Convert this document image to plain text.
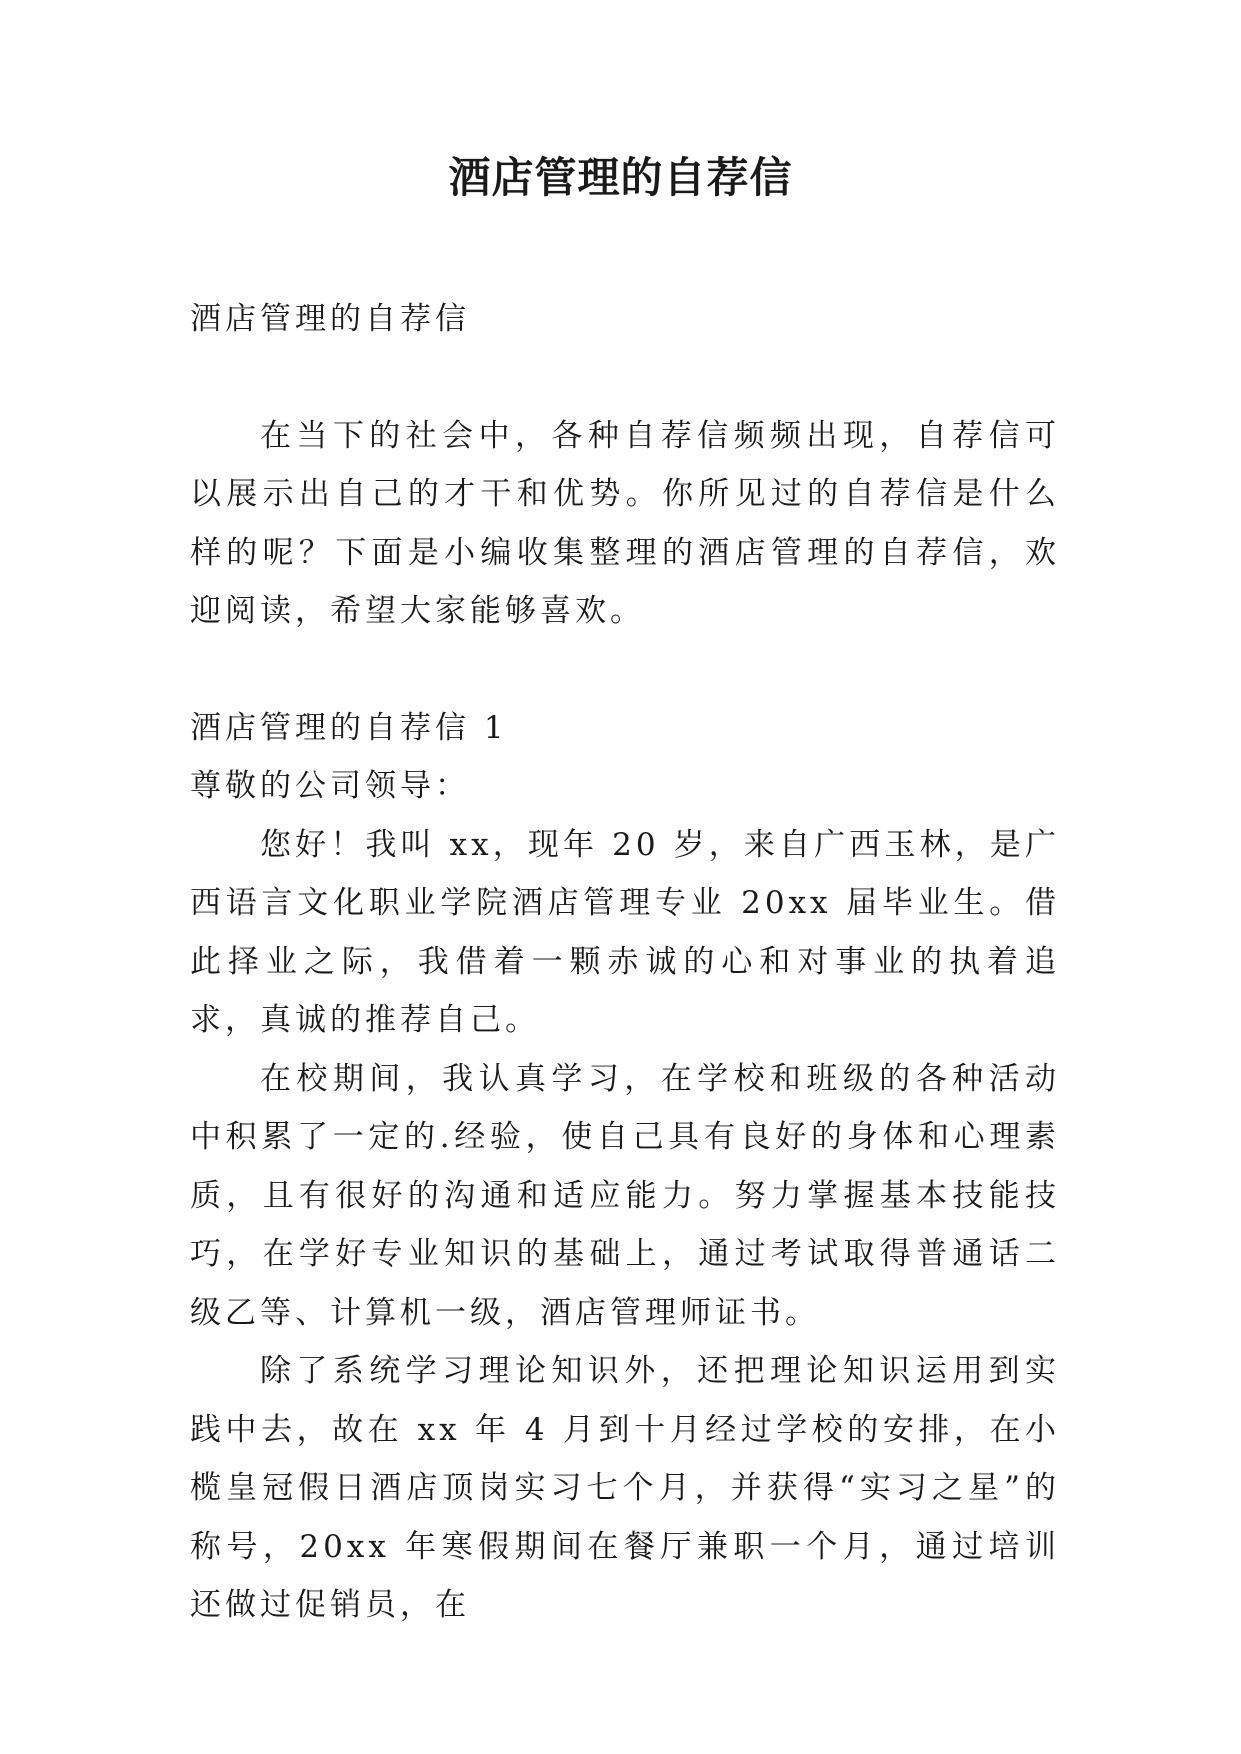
酒店管理的自荐信

酒店管理的自荐信

在当下的社会中，各种自荐信频频出现，自荐信可以展示出自己的才干和优势。你所见过的自荐信是什么样的呢？下面是小编收集整理的酒店管理的自荐信，欢迎阅读，希望大家能够喜欢。

酒店管理的自荐信 1

尊敬的公司领导：

您好！我叫 xx，现年 20 岁，来自广西玉林，是广西语言文化职业学院酒店管理专业 20xx 届毕业生。借此择业之际，我借着一颗赤诚的心和对事业的执着追求，真诚的推荐自己。

在校期间，我认真学习，在学校和班级的各种活动中积累了一定的.经验，使自己具有良好的身体和心理素质，且有很好的沟通和适应能力。努力掌握基本技能技巧，在学好专业知识的基础上，通过考试取得普通话二级乙等、计算机一级，酒店管理师证书。

除了系统学习理论知识外，还把理论知识运用到实践中去，故在 xx 年 4 月到十月经过学校的安排，在小榄皇冠假日酒店顶岗实习七个月，并获得“实习之星”的称号，20xx 年寒假期间在餐厅兼职一个月，通过培训还做过促销员，在
